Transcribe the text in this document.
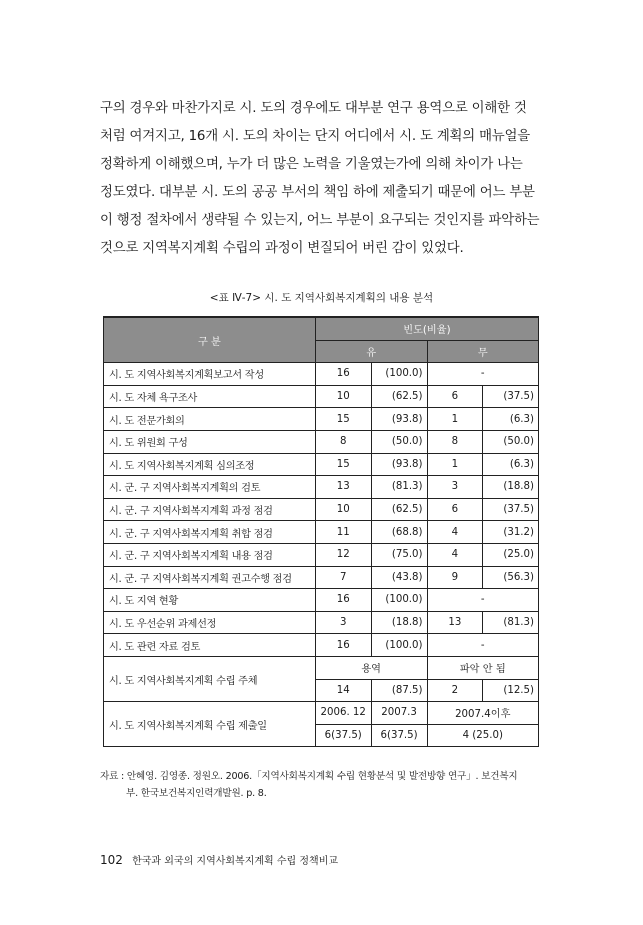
구의 경우와 마찬가지로 시. 도의 경우에도 대부분 연구 용역으로 이해한 것
처럼 여겨지고, 16개 시. 도의 차이는 단지 어디에서 시. 도 계획의 매뉴얼을
정확하게 이해했으며, 누가 더 많은 노력을 기울였는가에 의해 차이가 나는
정도였다. 대부분 시. 도의 공공 부서의 책임 하에 제출되기 때문에 어느 부분
이 행정 절차에서 생략될 수 있는지, 어느 부분이 요구되는 것인지를 파악하는
것으로 지역복지계획 수립의 과정이 변질되어 버린 감이 있었다.
<표 Ⅳ-7> 시. 도 지역사회복지계획의 내용 분석
구 분	빈도(비율)			
	유		무	
시. 도 지역사회복지계획보고서 작성	16	(100.0)	-	
시. 도 자체 욕구조사	10	(62.5)	6	(37.5)
시. 도 전문가회의	15	(93.8)	1	(6.3)
시. 도 위원회 구성	8	(50.0)	8	(50.0)
시. 도 지역사회복지계획 심의조정	15	(93.8)	1	(6.3)
시. 군. 구 지역사회복지계획의 검토	13	(81.3)	3	(18.8)
시. 군. 구 지역사회복지계획 과정 점검	10	(62.5)	6	(37.5)
시. 군. 구 지역사회복지계획 취합 점검	11	(68.8)	4	(31.2)
시. 군. 구 지역사회복지계획 내용 점검	12	(75.0)	4	(25.0)
시. 군. 구 지역사회복지계획 권고수행 점검	7	(43.8)	9	(56.3)
시. 도 지역 현황	16	(100.0)	-	
시. 도 우선순위 과제선정	3	(18.8)	13	(81.3)
시. 도 관련 자료 검토	16	(100.0)	-	
시. 도 지역사회복지계획 수립 주체	용역		파악 안 됨	
	14	(87.5)	2	(12.5)
시. 도 지역사회복지계획 수립 제출일	2006. 12	2007.3	2007.4이후	
	6(37.5)	6(37.5)	4 (25.0)	
자료 : 안혜영. 김영종. 정원오. 2006.「지역사회복지계획 수립 현황분석 및 발전방향 연구」. 보건복지
부. 한국보건복지인력개발원. p. 8.
102 한국과 외국의 지역사회복지계획 수립 정책비교
